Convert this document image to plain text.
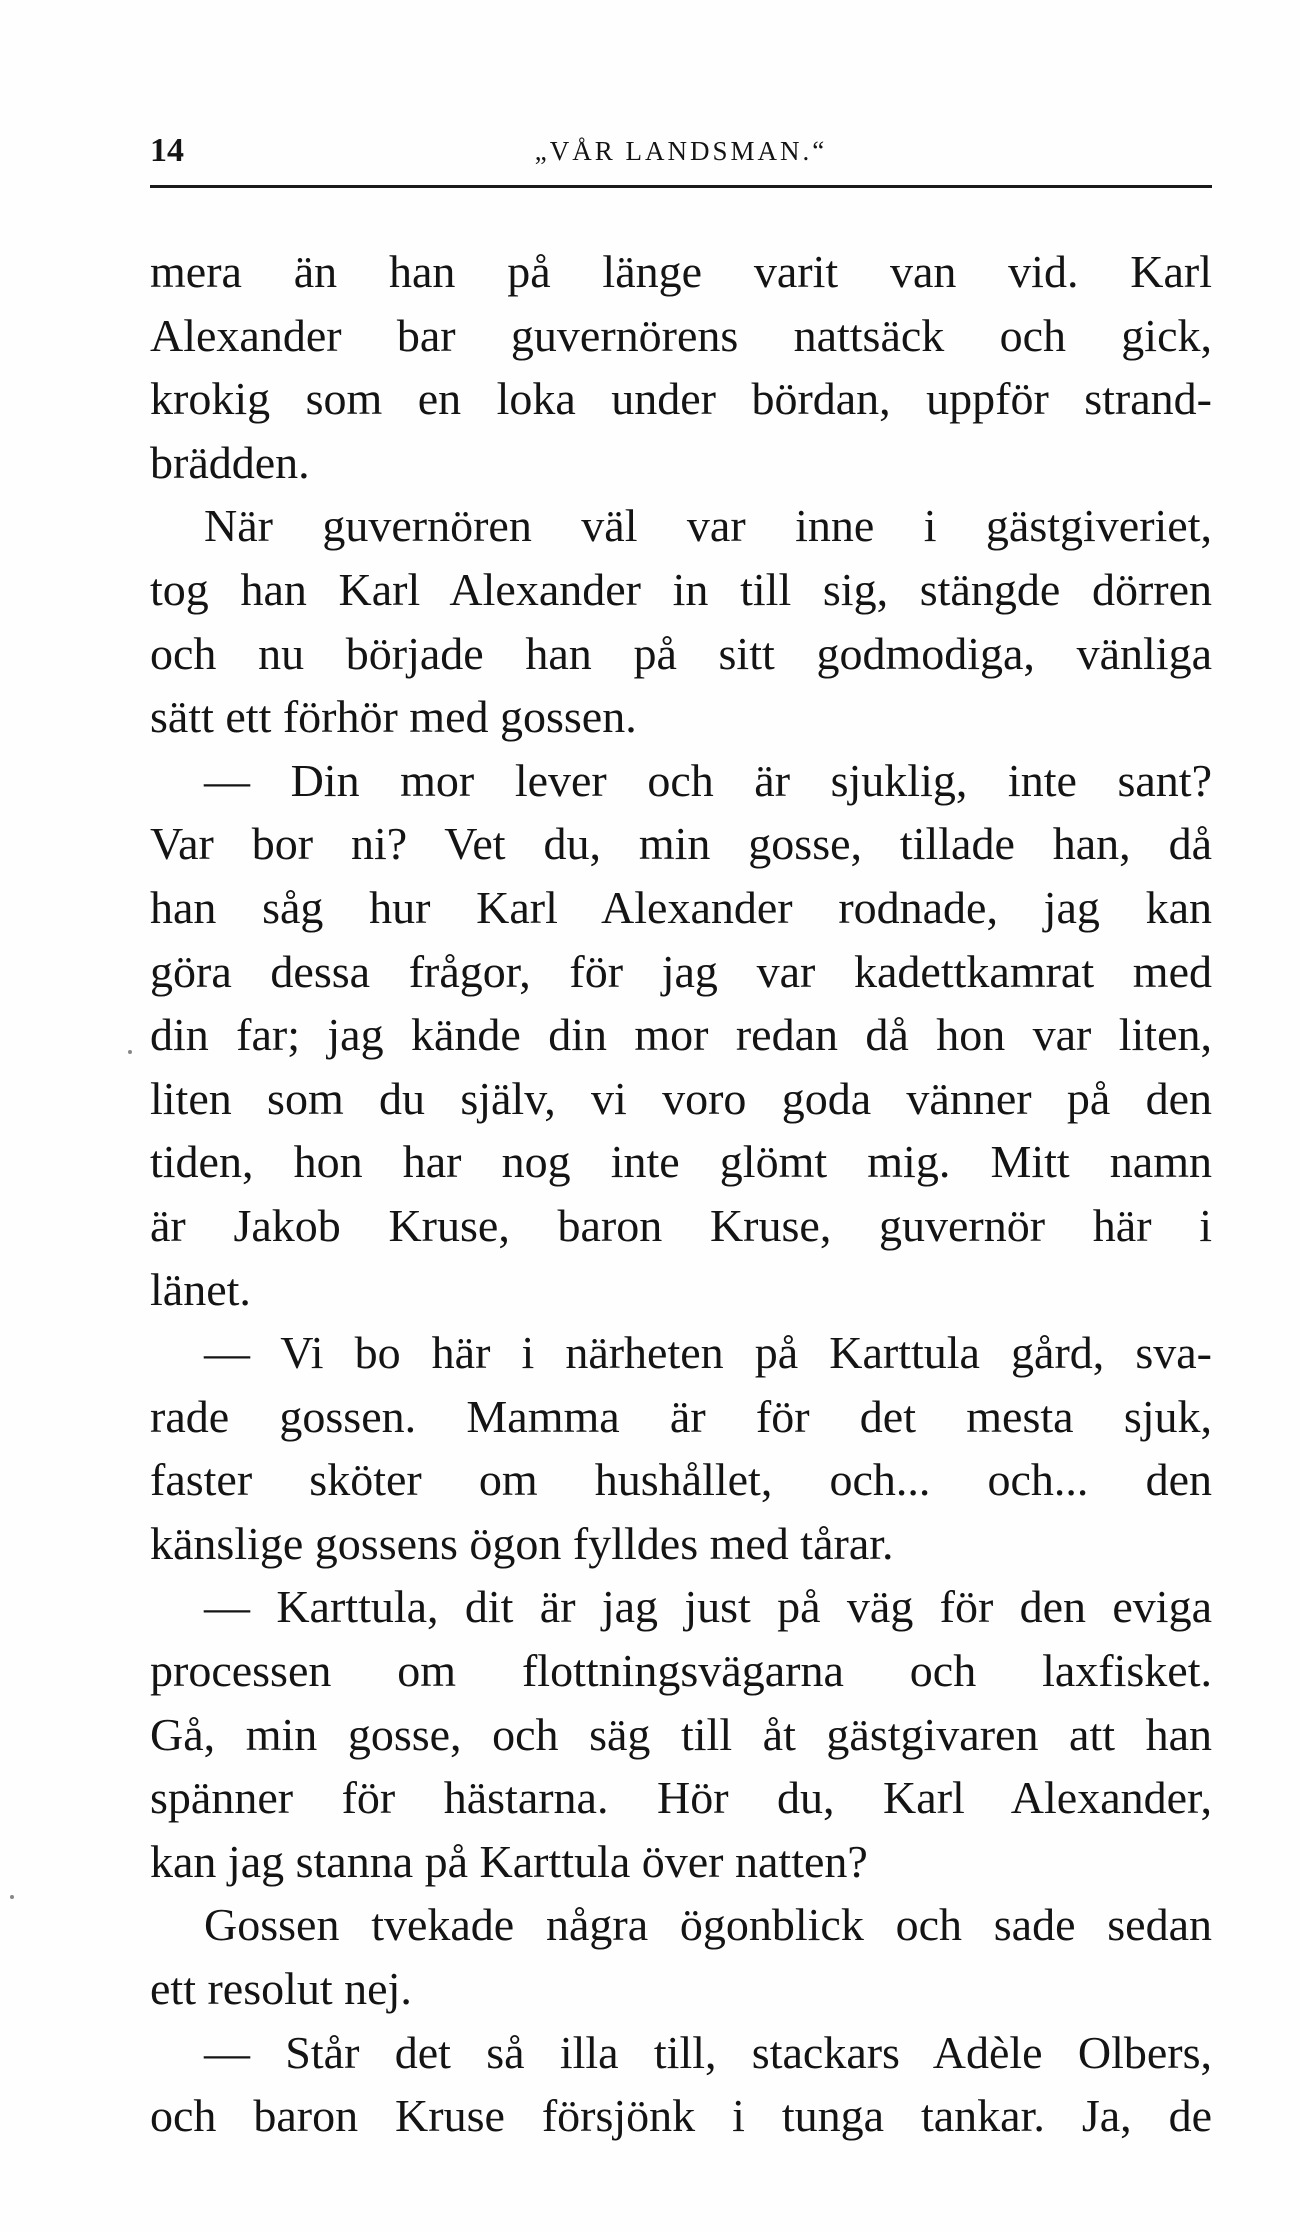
14	„VÅR LANDSMAN.“
mera än han på länge varit van vid. Karl
Alexander bar guvernörens nattsäck och gick,
krokig som en loka under bördan, uppför strand-
brädden.
När guvernören väl var inne i gästgiveriet,
tog han Karl Alexander in till sig, stängde dörren
och nu började han på sitt godmodiga, vänliga
sätt ett förhör med gossen.
— Din mor lever och är sjuklig, inte sant?
Var bor ni? Vet du, min gosse, tillade han, då
han såg hur Karl Alexander rodnade, jag kan
göra dessa frågor, för jag var kadettkamrat med
din far; jag kände din mor redan då hon var liten,
liten som du själv, vi voro goda vänner på den
tiden, hon har nog inte glömt mig. Mitt namn
är Jakob Kruse, baron Kruse, guvernör här i
länet.
— Vi bo här i närheten på Karttula gård, sva-
rade gossen. Mamma är för det mesta sjuk,
faster sköter om hushållet, och... och... den
känslige gossens ögon fylldes med tårar.
— Karttula, dit är jag just på väg för den eviga
processen om flottningsvägarna och laxfisket.
Gå, min gosse, och säg till åt gästgivaren att han
spänner för hästarna. Hör du, Karl Alexander,
kan jag stanna på Karttula över natten?
Gossen tvekade några ögonblick och sade sedan
ett resolut nej.
— Står det så illa till, stackars Adèle Olbers,
och baron Kruse försjönk i tunga tankar. Ja, de
